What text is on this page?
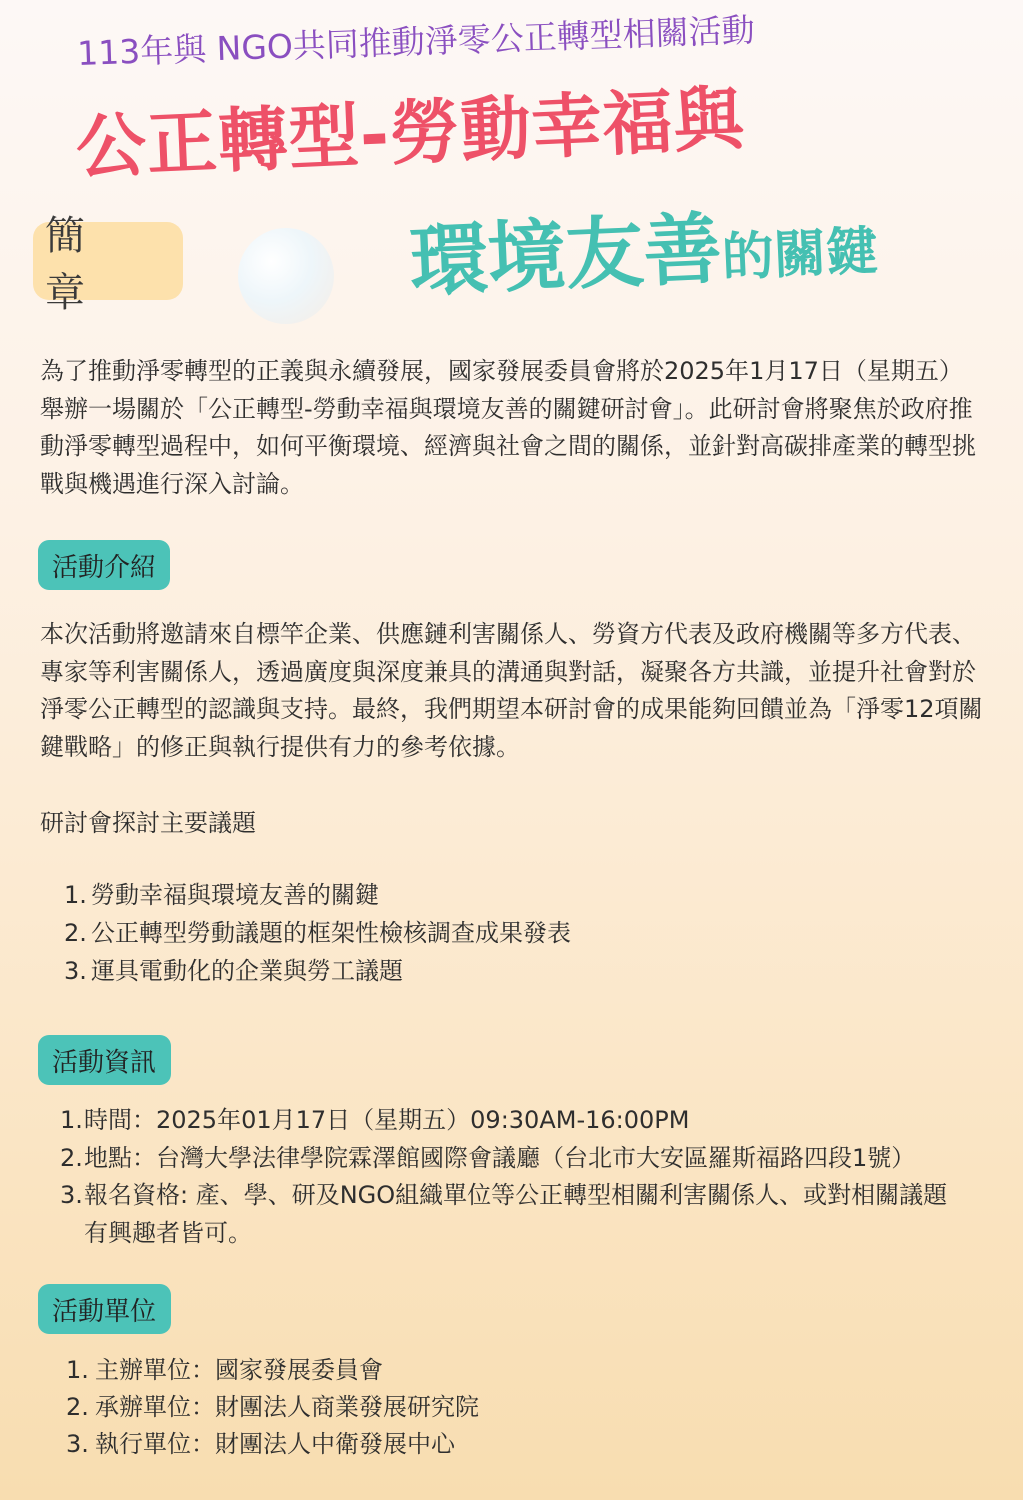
113年與 NGO共同推動淨零公正轉型相關活動
公正轉型-勞動幸福與
環境友善的關鍵
簡 章

為了推動淨零轉型的正義與永續發展，國家發展委員會將於2025年1月17日（星期五）舉辦一場關於「公正轉型-勞動幸福與環境友善的關鍵研討會」。此研討會將聚焦於政府推動淨零轉型過程中，如何平衡環境、經濟與社會之間的關係，並針對高碳排產業的轉型挑戰與機遇進行深入討論。

活動介紹

本次活動將邀請來自標竿企業、供應鏈利害關係人、勞資方代表及政府機關等多方代表、專家等利害關係人，透過廣度與深度兼具的溝通與對話，凝聚各方共識，並提升社會對於淨零公正轉型的認識與支持。最終，我們期望本研討會的成果能夠回饋並為「淨零12項關鍵戰略」的修正與執行提供有力的參考依據。

研討會探討主要議題
1. 勞動幸福與環境友善的關鍵
2. 公正轉型勞動議題的框架性檢核調查成果發表
3. 運具電動化的企業與勞工議題
活動資訊
1. 時間：2025年01月17日（星期五）09:30AM-16:00PM
2. 地點：台灣大學法律學院霖澤館國際會議廳（台北市大安區羅斯福路四段1號）
3. 報名資格: 產、學、研及NGO組織單位等公正轉型相關利害關係人、或對相關議題有興趣者皆可。
活動單位
1. 主辦單位：國家發展委員會
2. 承辦單位：財團法人商業發展研究院
3. 執行單位：財團法人中衛發展中心
